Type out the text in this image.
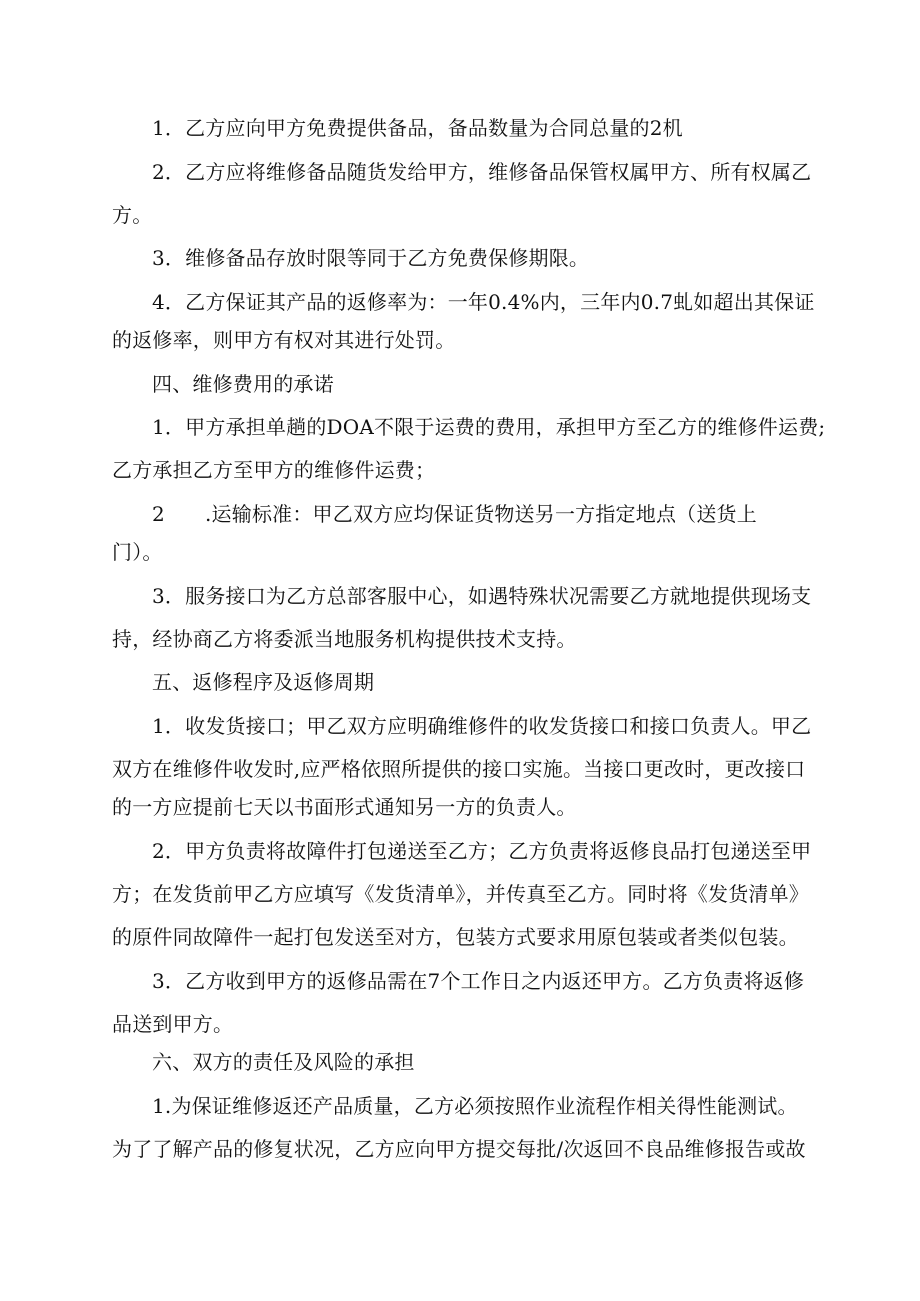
1．乙方应向甲方免费提供备品，备品数量为合同总量的2机
2．乙方应将维修备品随货发给甲方，维修备品保管权属甲方、所有权属乙
方。
3．维修备品存放时限等同于乙方免费保修期限。
4．乙方保证其产品的返修率为：一年0.4%内，三年内0.7虬如超出其保证
的返修率，则甲方有权对其进行处罚。
四、维修费用的承诺
1．甲方承担单趟的DOA不限于运费的费用，承担甲方至乙方的维修件运费;
乙方承担乙方至甲方的维修件运费；
2 .运输标准：甲乙双方应均保证货物送另一方指定地点（送货上
门）。
3．服务接口为乙方总部客服中心，如遇特殊状况需要乙方就地提供现场支
持，经协商乙方将委派当地服务机构提供技术支持。
五、返修程序及返修周期
1．收发货接口；甲乙双方应明确维修件的收发货接口和接口负责人。甲乙
双方在维修件收发时,应严格依照所提供的接口实施。当接口更改时，更改接口
的一方应提前七天以书面形式通知另一方的负责人。
2．甲方负责将故障件打包递送至乙方；乙方负责将返修良品打包递送至甲
方；在发货前甲乙方应填写《发货清单》，并传真至乙方。同时将《发货清单》
的原件同故障件一起打包发送至对方，包装方式要求用原包装或者类似包装。
3．乙方收到甲方的返修品需在7个工作日之内返还甲方。乙方负责将返修
品送到甲方。
六、双方的责任及风险的承担
1.为保证维修返还产品质量，乙方必须按照作业流程作相关得性能测试。
为了了解产品的修复状况，乙方应向甲方提交每批/次返回不良品维修报告或故
